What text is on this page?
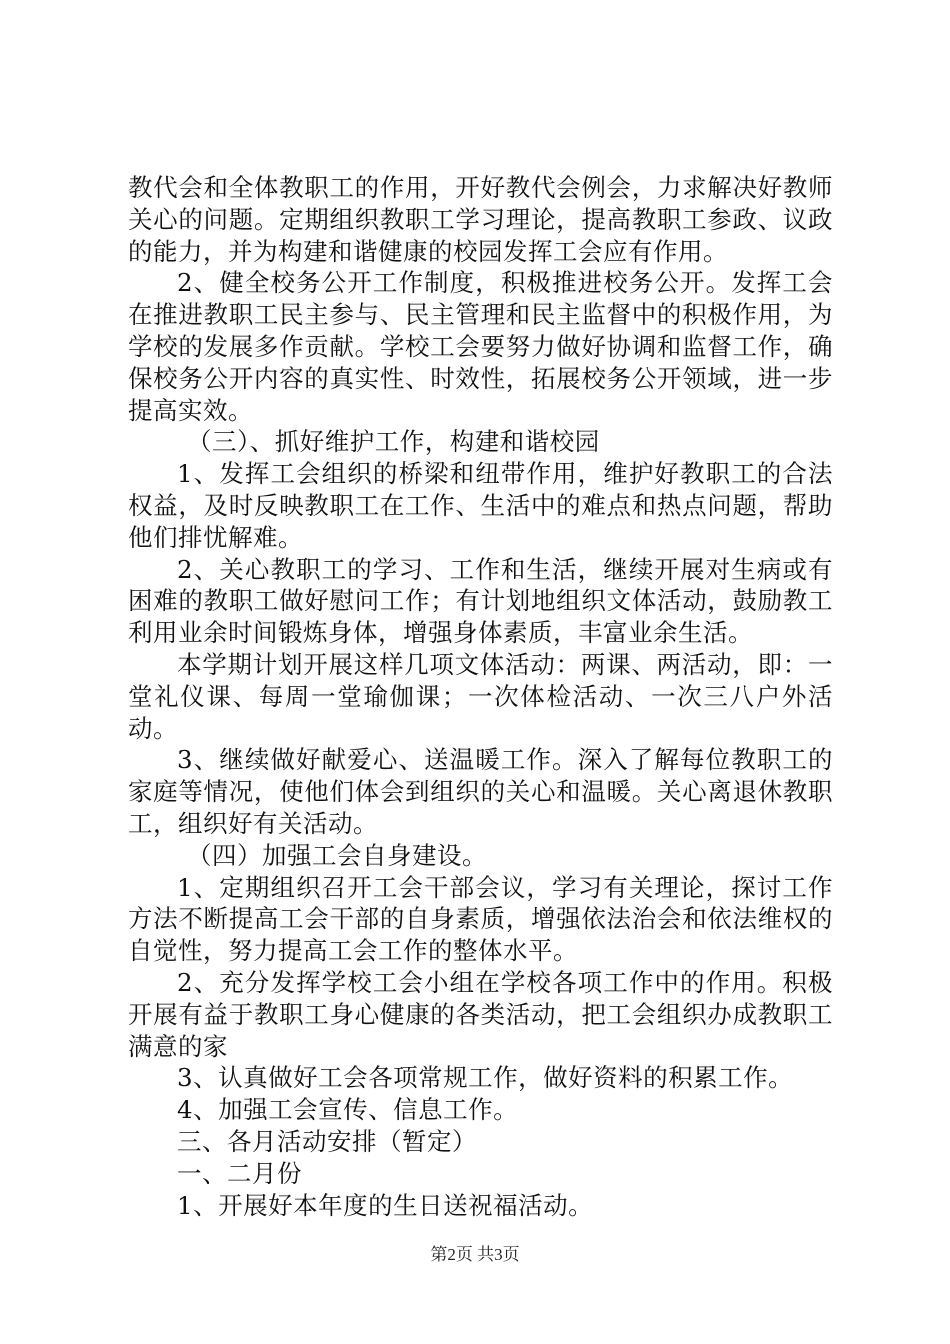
教代会和全体教职工的作用，开好教代会例会，力求解决好教师关心的问题。定期组织教职工学习理论，提高教职工参政、议政的能力，并为构建和谐健康的校园发挥工会应有作用。

2、健全校务公开工作制度，积极推进校务公开。发挥工会在推进教职工民主参与、民主管理和民主监督中的积极作用，为学校的发展多作贡献。学校工会要努力做好协调和监督工作，确保校务公开内容的真实性、时效性，拓展校务公开领域，进一步提高实效。

（三）、抓好维护工作，构建和谐校园

1、发挥工会组织的桥梁和纽带作用，维护好教职工的合法权益，及时反映教职工在工作、生活中的难点和热点问题，帮助他们排忧解难。

2、关心教职工的学习、工作和生活，继续开展对生病或有困难的教职工做好慰问工作；有计划地组织文体活动，鼓励教工利用业余时间锻炼身体，增强身体素质，丰富业余生活。

本学期计划开展这样几项文体活动：两课、两活动，即：一堂礼仪课、每周一堂瑜伽课；一次体检活动、一次三八户外活动。

3、继续做好献爱心、送温暖工作。深入了解每位教职工的家庭等情况，使他们体会到组织的关心和温暖。关心离退休教职工，组织好有关活动。

（四）加强工会自身建设。

1、定期组织召开工会干部会议，学习有关理论，探讨工作方法不断提高工会干部的自身素质，增强依法治会和依法维权的自觉性，努力提高工会工作的整体水平。

2、充分发挥学校工会小组在学校各项工作中的作用。积极开展有益于教职工身心健康的各类活动，把工会组织办成教职工满意的家

3、认真做好工会各项常规工作，做好资料的积累工作。

4、加强工会宣传、信息工作。

三、各月活动安排（暂定）

一、二月份

1、开展好本年度的生日送祝福活动。

第2页 共3页
